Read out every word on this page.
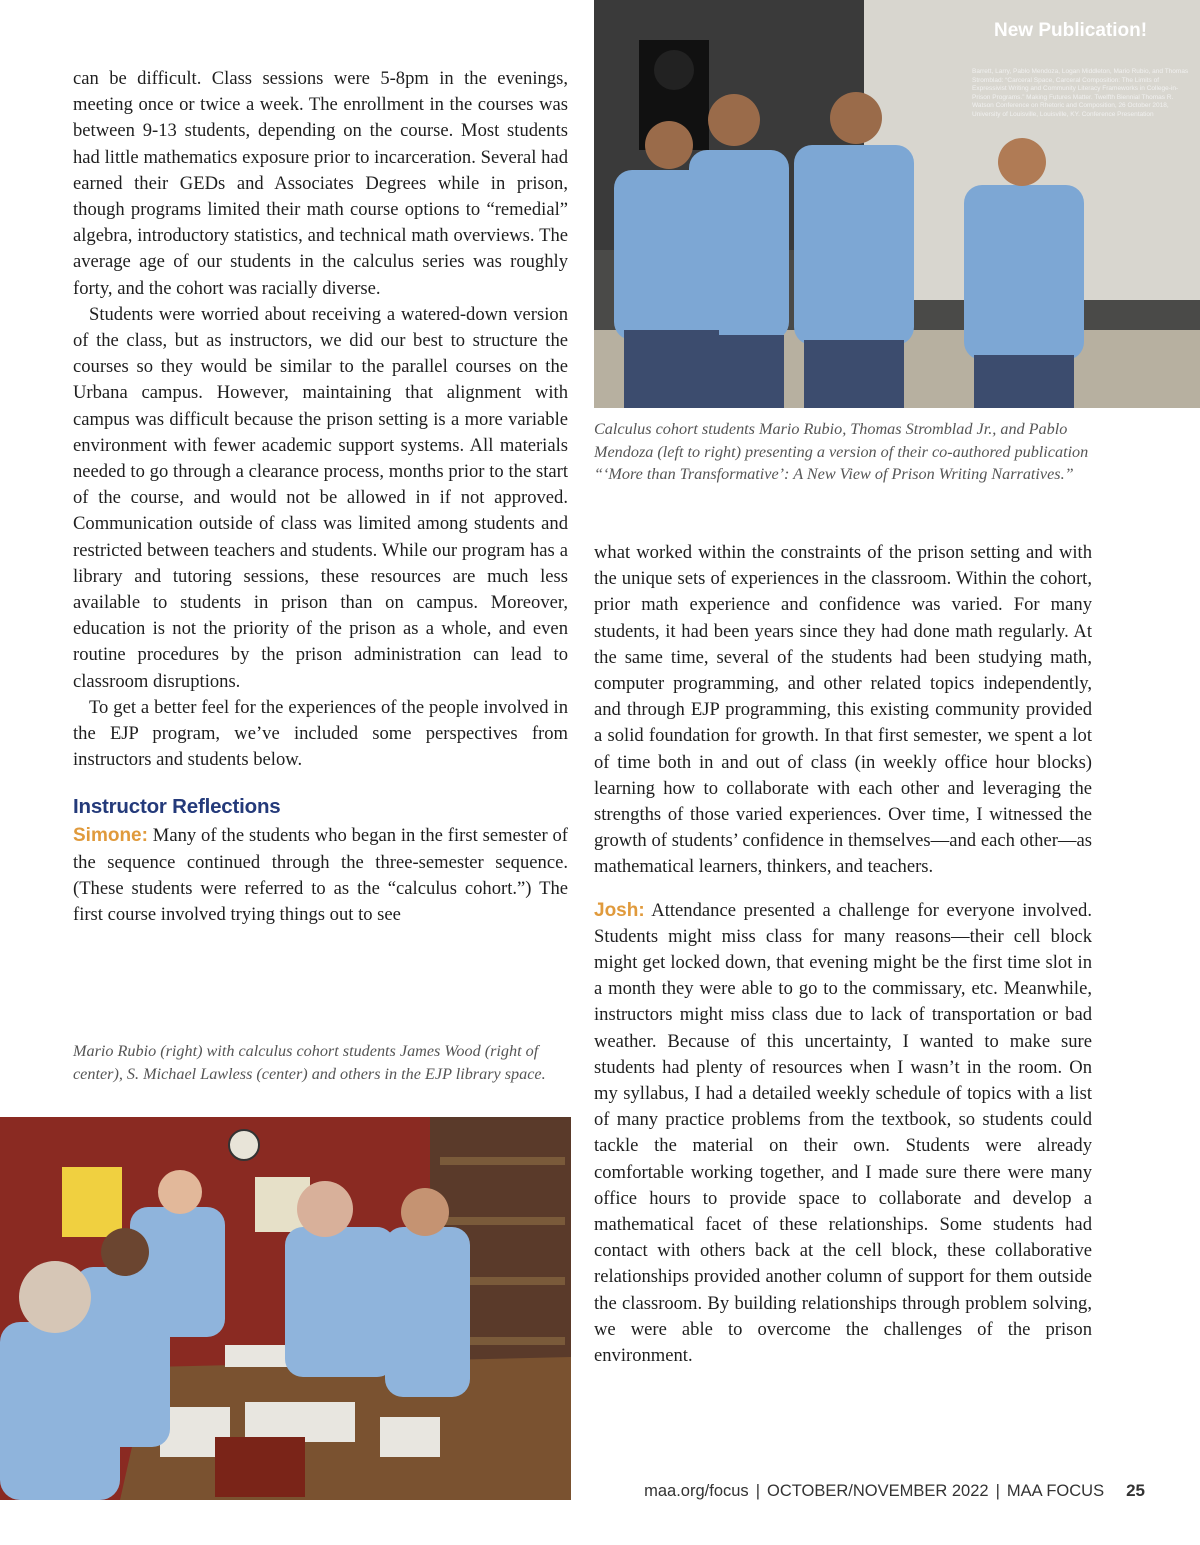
New Publication!
Barrett, Larry, Pablo Mendoza, Logan Middleton, Mario Rubio, and Thomas Stromblad: “Carceral Space, Carceral Composition: The Limits of Expressivist Writing and Community Literacy Frameworks in College-in-Prison Programs.” Making Futures Matter. Twelfth Biennial Thomas R. Watson Conference on Rhetoric and Composition, 26 October 2018, University of Louisville, Louisville, KY. Conference Presentation

Calculus cohort students Mario Rubio, Thomas Stromblad Jr., and Pablo Mendoza (left to right) presenting a version of their co-authored publication “‘More than Transformative’: A New View of Prison Writing Narratives.”

can be difficult. Class sessions were 5-8pm in the evenings, meeting once or twice a week. The enrollment in the courses was between 9-13 students, depending on the course. Most students had little mathematics exposure prior to incarceration. Several had earned their GEDs and Associates Degrees while in prison, though programs limited their math course options to “remedial” algebra, introductory statistics, and technical math overviews. The average age of our students in the calculus series was roughly forty, and the cohort was racially diverse.

Students were worried about receiving a watered-down version of the class, but as instructors, we did our best to structure the courses so they would be similar to the parallel courses on the Urbana campus. However, maintaining that alignment with campus was difficult because the prison setting is a more variable environment with fewer academic support systems. All materials needed to go through a clearance process, months prior to the start of the course, and would not be allowed in if not approved. Communication outside of class was limited among students and restricted between teachers and students. While our program has a library and tutoring sessions, these resources are much less available to students in prison than on campus. Moreover, education is not the priority of the prison as a whole, and even routine procedures by the prison administration can lead to classroom disruptions.

To get a better feel for the experiences of the people involved in the EJP program, we’ve included some perspectives from instructors and students below.

Instructor Reflections

Simone: Many of the students who began in the first semester of the sequence continued through the three-semester sequence. (These students were referred to as the “calculus cohort.”) The first course involved trying things out to see

Mario Rubio (right) with calculus cohort students James Wood (right of center), S. Michael Lawless (center) and others in the EJP library space.

what worked within the constraints of the prison setting and with the unique sets of experiences in the classroom. Within the cohort, prior math experience and confidence was varied. For many students, it had been years since they had done math regularly. At the same time, several of the students had been studying math, computer programming, and other related topics independently, and through EJP programming, this existing community provided a solid foundation for growth. In that first semester, we spent a lot of time both in and out of class (in weekly office hour blocks) learning how to collaborate with each other and leveraging the strengths of those varied experiences. Over time, I witnessed the growth of students’ confidence in themselves—and each other—as mathematical learners, thinkers, and teachers.

Josh: Attendance presented a challenge for everyone involved. Students might miss class for many reasons—their cell block might get locked down, that evening might be the first time slot in a month they were able to go to the commissary, etc. Meanwhile, instructors might miss class due to lack of transportation or bad weather. Because of this uncertainty, I wanted to make sure students had plenty of resources when I wasn’t in the room. On my syllabus, I had a detailed weekly schedule of topics with a list of many practice problems from the textbook, so students could tackle the material on their own. Students were already comfortable working together, and I made sure there were many office hours to provide space to collaborate and develop a mathematical facet of these relationships. Some students had contact with others back at the cell block, these collaborative relationships provided another column of support for them outside the classroom. By building relationships through problem solving, we were able to overcome the challenges of the prison environment.

maa.org/focus | OCTOBER/NOVEMBER 2022 | MAA FOCUS 25
